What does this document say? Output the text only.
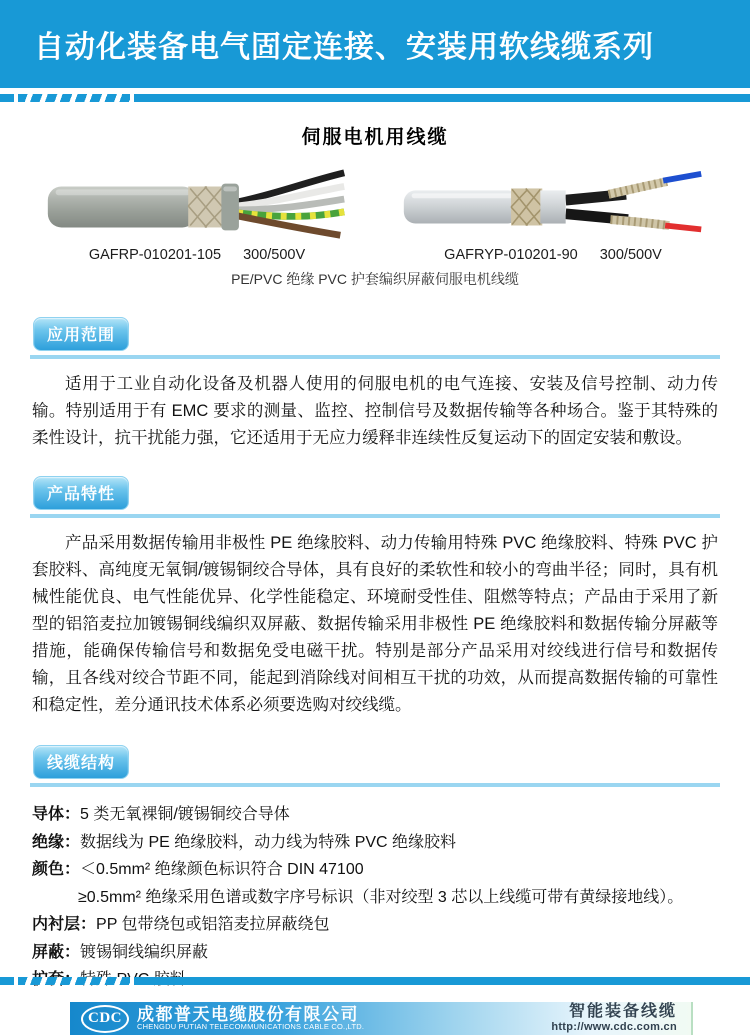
自动化装备电气固定连接、安装用软线缆系列
伺服电机用线缆
GAFRP-010201-105 300/500V	GAFRYP-010201-90 300/500V
PE/PVC 绝缘 PVC 护套编织屏蔽伺服电机线缆
应用范围

适用于工业自动化设备及机器人使用的伺服电机的电气连接、安装及信号控制、动力传输。特别适用于有 EMC 要求的测量、监控、控制信号及数据传输等各种场合。鉴于其特殊的柔性设计，抗干扰能力强，它还适用于无应力缓释非连续性反复运动下的固定安装和敷设。

产品特性

产品采用数据传输用非极性 PE 绝缘胶料、动力传输用特殊 PVC 绝缘胶料、特殊 PVC 护套胶料、高纯度无氧铜/镀锡铜绞合导体，具有良好的柔软性和较小的弯曲半径；同时，具有机械性能优良、电气性能优异、化学性能稳定、环境耐受性佳、阻燃等特点；产品由于采用了新型的铝箔麦拉加镀锡铜线编织双屏蔽、数据传输采用非极性 PE 绝缘胶料和数据传输分屏蔽等措施，能确保传输信号和数据免受电磁干扰。特别是部分产品采用对绞线进行信号和数据传输，且各线对绞合节距不同，能起到消除线对间相互干扰的功效，从而提高数据传输的可靠性和稳定性，差分通讯技术体系必须要选购对绞线缆。

线缆结构
导体： 5 类无氧裸铜/镀锡铜绞合导体
绝缘： 数据线为 PE 绝缘胶料，动力线为特殊 PVC 绝缘胶料
颜色： ＜0.5mm² 绝缘颜色标识符合 DIN 47100
≥0.5mm² 绝缘采用色谱或数字序号标识（非对绞型 3 芯以上线缆可带有黄绿接地线）。
内衬层： PP 包带绕包或铝箔麦拉屏蔽绕包
屏蔽： 镀锡铜线编织屏蔽
CDC 成都普天电缆股份有限公司
CHENGDU PUTIAN TELECOMMUNICATIONS CABLE CO.,LTD.
智能装备线缆
http://www.cdc.com.cn
